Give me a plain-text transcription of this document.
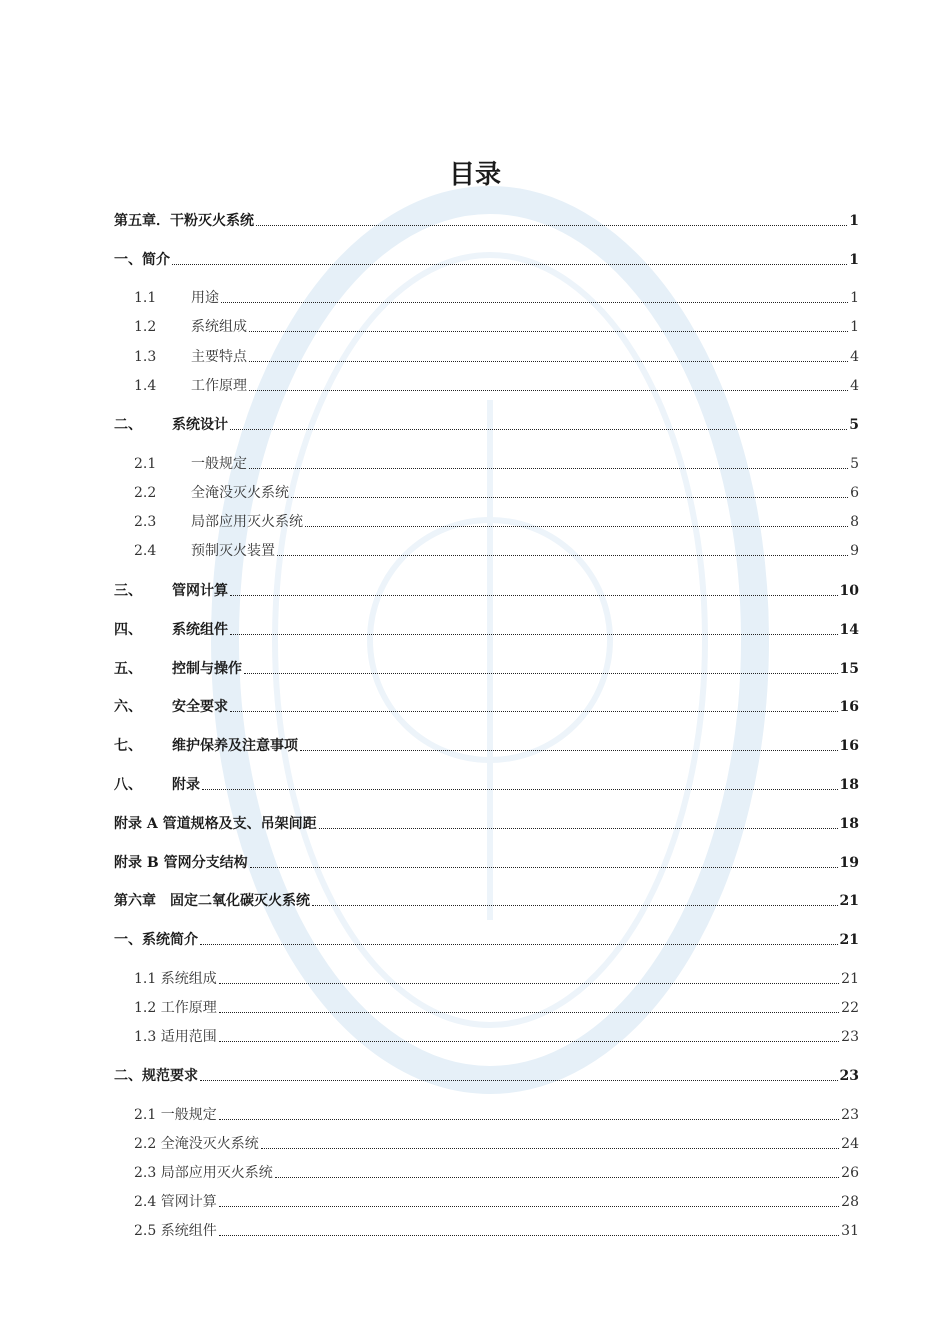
目录
第五章．干粉灭火系统	1
一、简介	1
1.1	用途	1
1.2	系统组成	1
1.3	主要特点	4
1.4	工作原理	4
二、	系统设计	5
2.1	一般规定	5
2.2	全淹没灭火系统	6
2.3	局部应用灭火系统	8
2.4	预制灭火装置	9
三、	管网计算	10
四、	系统组件	14
五、	控制与操作	15
六、	安全要求	16
七、	维护保养及注意事项	16
八、	附录	18
附录 A 管道规格及支、吊架间距	18
附录 B 管网分支结构	19
第六章　固定二氧化碳灭火系统	21
一、系统简介	21
1.1 系统组成	21
1.2 工作原理	22
1.3 适用范围	23
二、规范要求	23
2.1 一般规定	23
2.2 全淹没灭火系统	24
2.3 局部应用灭火系统	26
2.4 管网计算	28
2.5 系统组件	31
